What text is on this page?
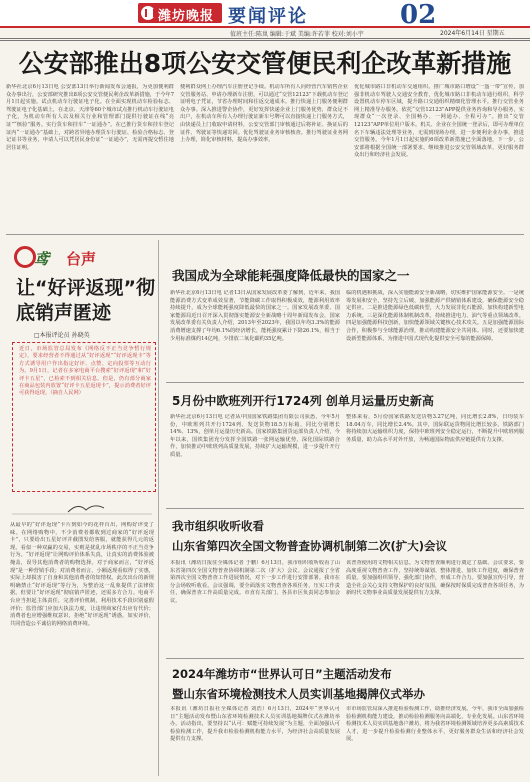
潍坊晚报 要闻评论	02
值班主任:陈岚 编辑:于斌 美编:许若菲 校对:刘小宇	2024年6月14日 星期五
公安部推出8项公安交管便民利企改革新措施
新华社北京6月13日电 公安部13日举行新闻发布会通报，为更加便利群众办事出行，公安部研究推出8项公安交管便民利企改革新措施，于今年7月1日起实施。试点机动车行驶证电子化。在全面实现机动车检验标志、驾驶证电子化基础上，在北京、天津等60个城市试点推行机动车行驶证电子化，为机动车所有人以及相关行业和管理部门提供行驶证在线“亮证”“核验”服务。实行货车和挂车“一证通办”。在已推行货车和挂车登记证内“一证通办”基础上，对跨省异地办理货车行驶证、检验合格标志、登记证书等业务，申请人可以凭居民身份证“一证通办”，无需再提交暂住地居住证明。
便利群众网上办理汽车注册登记手续。机动车所有人向经营汽车销售企业交管服务站、申请办理新车注册，可以通过“交管12123”下载机动车登记证明电子凭证，节省办理时间和往返交通成本。推行快递上门服务便利群众办事。深入推进警企协作，更好发挥快递企业上门服务优势，群众足不出户，在机动车所有人办理行驶证新车号牌可以直接快递上门服务方式，由快递员上门收取申请材料，公安交管部门审核通过后将补证、换证后的证件、驾驶证等快递寄回。优化驾驶证业务审核核查。推行驾驶证业务网上办理，简化审核材料，提高办事效率。
优化城市路口非机动车交通组织。推广城市路口增设“一盔一带”宣传，加强非机动车驾驶人交通安全教育，优化城市路口非机动车通行组织，科学设置机动车停车区域，提升路口交通组织精细化管理水平。推行交管业务网上精准导办服务。依托“交管12123”APP提供业务咨询和导办服务，实现群众“一次登录、全国畅办、一网通办、全程可办”。推出“交管12123”APP单位用户版本。机关、企业在全国统一登录后，即可办理单位名下车辆违法处理等业务，无需到现场办理，进一步便利企业办事，推进交管服务。今年1月1日起实施的6项改革新措施已全面落地，下一步，公安部将根据全国统一部署要求，继续推进公安交管领域改革，更好服务群众出行和经济社会发展。
鸢 台声
让“好评返现”彻底销声匿迹
□本报评论员 孙晓英
近日，市场监管总局发布《网络反不正当竞争暂行规定》，要求经营者不得通过从“好评返现”“好评返现卡”等方式诱导用户作出指定好评、点赞、定向投票等互动行为。9月1日，记者在多家电商平台搜索“好评返现”和“好评卡五星”，已检索不到相关信息。但是，仍有部分商家在商品包装内放置“好评卡五星返现卡”，提示消费者好评可获得返现。（摘自人民网）
从最早的“好评返现”卡片到如今的花样百出，网购好评变了味。在网络购物中，不少消费者都收到过商家的“好评返现卡”，只要给出五星好评并截图发给客服，就能获得几元的返现。看似一种双赢的交易，实则是扰乱市场秩序的不正当竞争行为。“好评返现”让网购评价体系失真，让真实的消费体验被掩盖，误导其他消费者的购物选择。对于商家而言，“好评返现”是一种营销手段；对消费者而言，小额返现看似得了实惠，实际上却损害了自身和其他消费者的知情权。此次出台的新规明确禁止“好评返现”等行为，为整治这一乱象提供了法律依据。但要让“好评返现”彻底销声匿迹，还需多方合力。电商平台应当担起主体责任，完善评价机制，利用技术手段识别虚假评价；监管部门应加大执法力度，让违规商家付出应有代价；消费者也应增强维权意识，拒绝“好评返现”诱惑，如实评价，共同营造公平诚信的网络消费环境。
我国成为全球能耗强度降低最快的国家之一
新华社北京6月13日电 记者13日从国家发展改革委了解到，近年来，我国能源消费方式变革成效显著，节能降碳工作取得积极成效，能源利用效率持续提升，成为全球能耗强度降低最快的国家之一。国家发展改革委、国家能源局近日召开深入贯彻落实能源安全新战略十周年新闻发布会，国家发展改革委有关负责人介绍，2013年至2023年，我国以年均3.3%的能源消费增速支撑了年均6.1%的经济增长，能耗强度累计下降26.1%，相当于少用标准煤约14亿吨，少排放二氧化碳约35亿吨。
临的机遇和挑战，深入实施能源安全新战略，切实维护国家能源安全。一是统筹发展和安全，坚持先立后破，加强能源产供储销体系建设，确保能源安全稳定供应。二是推进能源绿色低碳转型，大力发展非化石能源，加快构建新型电力系统。三是深化能源体制机制改革，持续推进电力、油气等重点领域改革。四是加强能源科技创新，加快能源领域关键核心技术攻关。五是加强能源国际合作，积极参与全球能源治理，推动构建能源安全共同体。同时，还要加快建设新型能源体系，为推进中国式现代化提供安全可靠的能源保障。
5月份中欧班列开行1724列 创单月运量历史新高
新华社北京6月13日电 记者从中国国家铁路集团有限公司获悉，今年5月份，中欧班列共开行1724列、发送货物18.5万标箱，同比分别增长14%、13%，创单月运量历史新高。国家铁路集团货运部负责人介绍，今年以来，国铁集团充分发挥全国铁路一张网运输优势，深化国际铁路合作，加快推动中欧班列高质量发展，持续扩大运输规模，进一步提升开行质量。
整体来看，5月份国家铁路发送货物3.27亿吨，同比增长2.8%，日均装车18.04万车，同比增长2.4%。其中，国际联运货物同比增长较多。铁路部门将持续加大运输组织力度，保持中欧班列安全稳定运行，不断提升中欧班列服务质量，助力高水平对外开放，为畅通国际物流供应链提供有力支撑。
我市组织收听收看
山东省第四次全国文物普查协调机制第二次(扩大)会议
本报讯（潍坊日报驻全媒体记者 于鹏）6月13日，我市组织收听收看了山东省第四次全国文物普查协调机制第二次（扩大）会议。会议通报了全省第四次全国文物普查工作进展情况，对下一步工作进行安排部署。我市在分会场收听收看。会议强调，要全面落实文物普查各项任务，压实工作责任，确保普查工作高质量完成。市直有关部门、各县市区负责同志参加会议。
该普查使用的文物相关信息。为文物普查顺利进行奠定了基础。会议要求，要高度重视文物普查工作，坚持统筹谋划、整体推进，加快工作进度，确保普查质量。要加强组织领导，强化部门协作，形成工作合力。要加强宣传引导，营造全社会关心支持文物保护的良好氛围，确保按时保质完成普查各项任务，为新时代文物事业高质量发展提供有力支撑。
2024年潍坊市“世界认可日”主题活动发布
暨山东省环境检测技术人员实训基地揭牌仪式举办
本报讯（潍坊日报社全媒体记者 刘浩）6月13日，2024年“世界认可日”主题活动发布暨山东省环境检测技术人员实训基地揭牌仪式在潍坊举办。活动指出，要坚持以“认可：赋能可持续发展”为主题，全面加强认可检验检测工作，提升我市检验检测机构能力水平，为经济社会高质量发展提供有力支撑。
市市场监管局深入推进检验检测工作，助推经济发展。今年，我市全面加强检验检测机构能力建设，推动检验检测服务向高端化、专业化发展。山东省环境检测技术人员实训基地落户潍坊，将为我省环境检测领域培养更多高素质技术人才，进一步提升检验检测行业整体水平，更好服务群众生活和经济社会发展。
